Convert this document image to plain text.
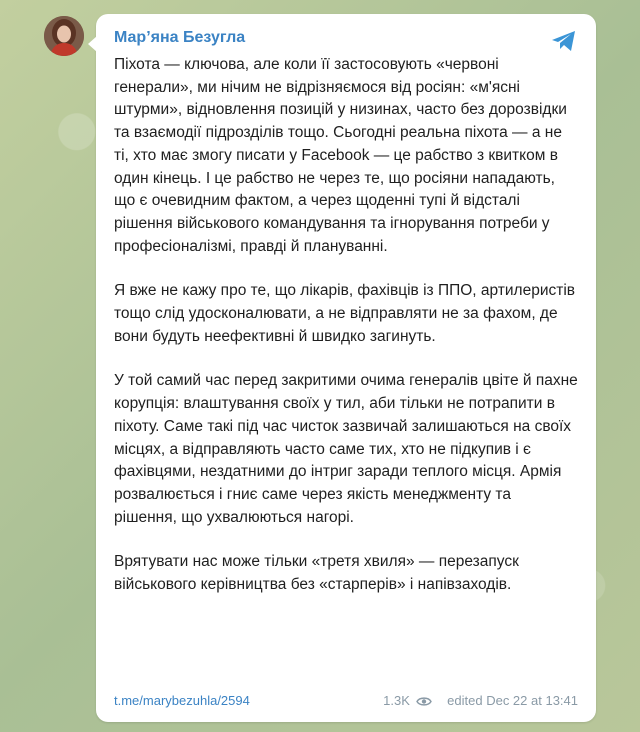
Мар’яна Безугла

Піхота — ключова, але коли її застосовують «червоні генерали», ми нічим не відрізняємося від росіян: «м'ясні штурми», відновлення позицій у низинах, часто без дорозвідки та взаємодії підрозділів тощо. Сьогодні реальна піхота — а не ті, хто має змогу писати у Facebook — це рабство з квитком в один кінець. І це рабство не через те, що росіяни нападають, що є очевидним фактом, а через щоденні тупі й відсталі рішення військового командування та ігнорування потреби у професіоналізмі, правді й плануванні.

Я вже не кажу про те, що лікарів, фахівців із ППО, артилеристів тощо слід удосконалювати, а не відправляти не за фахом, де вони будуть неефективні й швидко загинуть.

У той самий час перед закритими очима генералів цвіте й пахне корупція: влаштування своїх у тил, аби тільки не потрапити в піхоту. Саме такі під час чисток зазвичай залишаються на своїх місцях, а відправляють часто саме тих, хто не підкупив і є фахівцями, нездатними до інтриг заради теплого місця. Армія розвалюється і гниє саме через якість менеджменту та рішення, що ухвалюються нагорі.

Врятувати нас може тільки «третя хвиля» — перезапуск військового керівництва без «старперів» і напівзаходів.

t.me/marybezuhla/2594	1.3K	edited Dec 22 at 13:41
